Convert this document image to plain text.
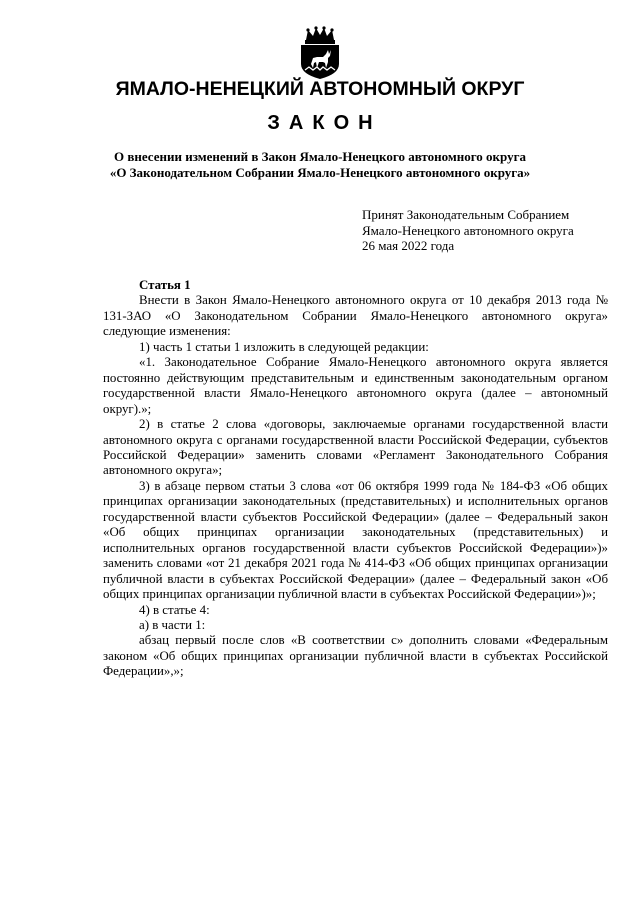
ЯМАЛО-НЕНЕЦКИЙ АВТОНОМНЫЙ ОКРУГ
ЗАКОН
О внесении изменений в Закон Ямало-Ненецкого автономного округа
«О Законодательном Собрании Ямало-Ненецкого автономного округа»
Принят Законодательным Собранием
Ямало-Ненецкого автономного округа
26 мая 2022 года

Статья 1

Внести в Закон Ямало-Ненецкого автономного округа от 10 декабря 2013 года № 131-ЗАО «О Законодательном Собрании Ямало-Ненецкого автономного округа» следующие изменения:

1) часть 1 статьи 1 изложить в следующей редакции:

«1. Законодательное Собрание Ямало-Ненецкого автономного округа является постоянно действующим представительным и единственным законодательным органом государственной власти Ямало-Ненецкого автономного округа (далее – автономный округ).»;

2) в статье 2 слова «договоры, заключаемые органами государственной власти автономного округа с органами государственной власти Российской Федерации, субъектов Российской Федерации» заменить словами «Регламент Законодательного Собрания автономного округа»;

3) в абзаце первом статьи 3 слова «от 06 октября 1999 года № 184-ФЗ «Об общих принципах организации законодательных (представительных) и исполнительных органов государственной власти субъектов Российской Федерации» (далее – Федеральный закон «Об общих принципах организации законодательных (представительных) и исполнительных органов государственной власти субъектов Российской Федерации»)» заменить словами «от 21 декабря 2021 года № 414-ФЗ «Об общих принципах организации публичной власти в субъектах Российской Федерации» (далее – Федеральный закон «Об общих принципах организации публичной власти в субъектах Российской Федерации»)»;

4) в статье 4:

а) в части 1:

абзац первый после слов «В соответствии с» дополнить словами «Федеральным законом «Об общих принципах организации публичной власти в субъектах Российской Федерации»,»;
